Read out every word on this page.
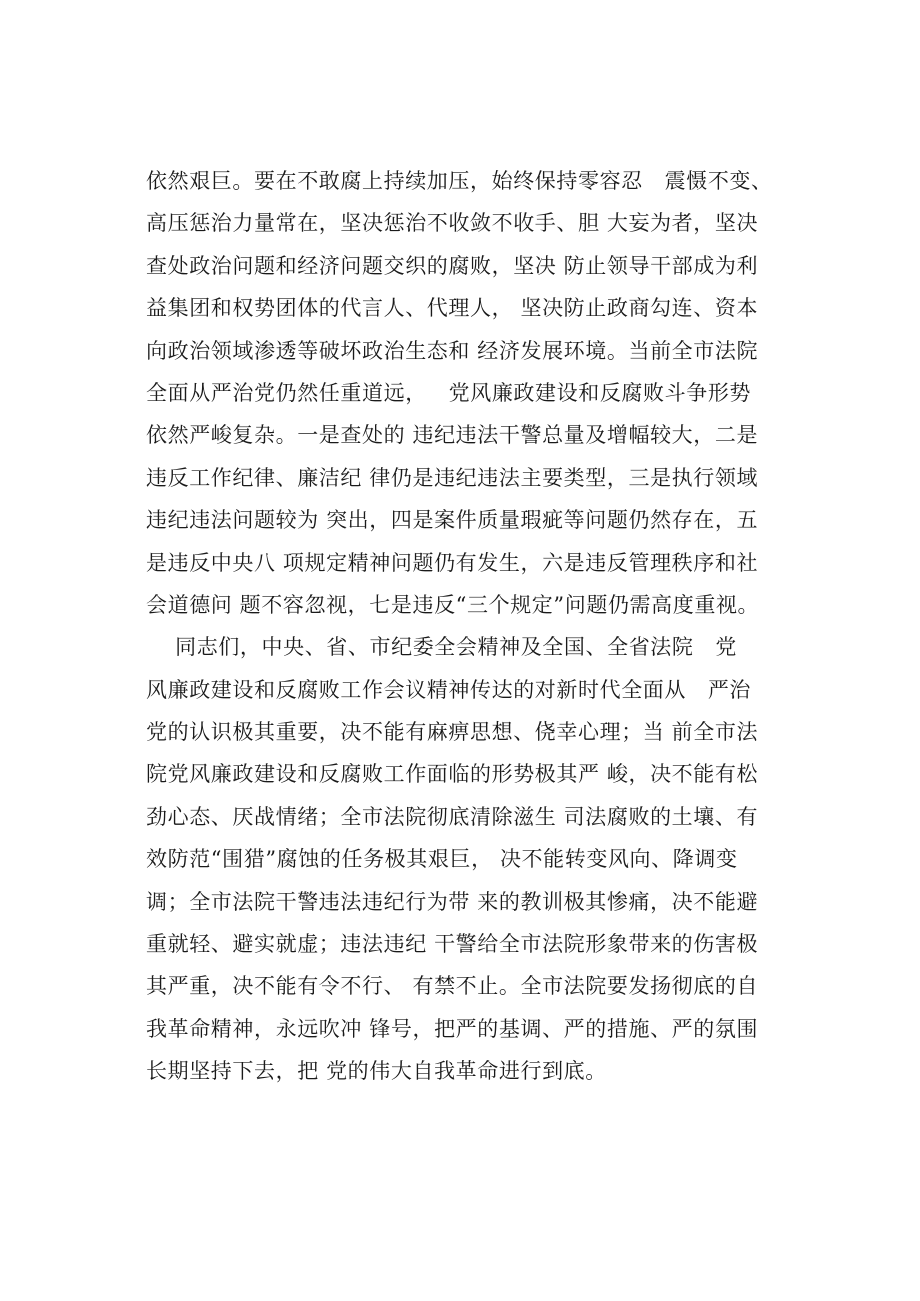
依然艰巨。要在不敢腐上持续加压，始终保持零容忍   震慑不变、
高压惩治力量常在，坚决惩治不收敛不收手、胆 大妄为者，坚决
查处政治问题和经济问题交织的腐败，坚决 防止领导干部成为利
益集团和权势团体的代言人、代理人， 坚决防止政商勾连、资本
向政治领域渗透等破坏政治生态和 经济发展环境。当前全市法院
全面从严治党仍然任重道远，   党风廉政建设和反腐败斗争形势
依然严峻复杂。一是查处的 违纪违法干警总量及增幅较大，二是
违反工作纪律、廉洁纪 律仍是违纪违法主要类型，三是执行领域
违纪违法问题较为 突出，四是案件质量瑕疵等问题仍然存在，五
是违反中央八 项规定精神问题仍有发生，六是违反管理秩序和社
会道德问 题不容忽视，七是违反“三个规定”问题仍需高度重视。
同志们，中央、省、市纪委全会精神及全国、全省法院   党
风廉政建设和反腐败工作会议精神传达的对新时代全面从   严治
党的认识极其重要，决不能有麻痹思想、侥幸心理；当 前全市法
院党风廉政建设和反腐败工作面临的形势极其严 峻，决不能有松
劲心态、厌战情绪；全市法院彻底清除滋生 司法腐败的土壤、有
效防范“围猎”腐蚀的任务极其艰巨， 决不能转变风向、降调变
调；全市法院干警违法违纪行为带 来的教训极其惨痛，决不能避
重就轻、避实就虚；违法违纪 干警给全市法院形象带来的伤害极
其严重，决不能有令不行、 有禁不止。全市法院要发扬彻底的自
我革命精神，永远吹冲 锋号，把严的基调、严的措施、严的氛围
长期坚持下去，把 党的伟大自我革命进行到底。
